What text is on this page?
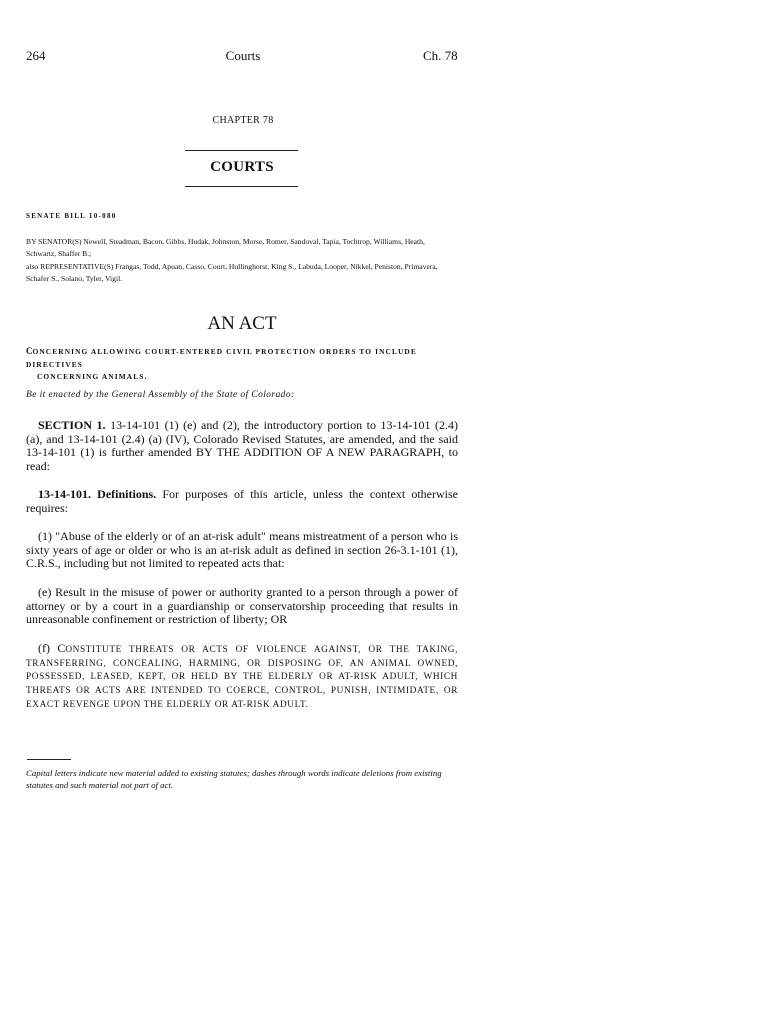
264	Courts	Ch. 78
CHAPTER 78
COURTS
SENATE BILL 10-080
BY SENATOR(S) Newell, Steadman, Bacon, Gibbs, Hudak, Johnston, Morse, Romer, Sandoval, Tapia, Tochtrop, Williams, Heath, Schwartz, Shaffer B.;
also REPRESENTATIVE(S) Frangas, Todd, Apuan, Casso, Court, Hullinghorst, King S., Labuda, Looper, Nikkel, Peniston, Primavera, Schafer S., Solano, Tyler, Vigil.
AN ACT
CONCERNING ALLOWING COURT-ENTERED CIVIL PROTECTION ORDERS TO INCLUDE DIRECTIVES
CONCERNING ANIMALS.
Be it enacted by the General Assembly of the State of Colorado:
SECTION 1. 13-14-101 (1) (e) and (2), the introductory portion to 13-14-101 (2.4) (a), and 13-14-101 (2.4) (a) (IV), Colorado Revised Statutes, are amended, and the said 13-14-101 (1) is further amended BY THE ADDITION OF A NEW PARAGRAPH, to read:
13-14-101. Definitions. For purposes of this article, unless the context otherwise requires:
(1) "Abuse of the elderly or of an at-risk adult" means mistreatment of a person who is sixty years of age or older or who is an at-risk adult as defined in section 26-3.1-101 (1), C.R.S., including but not limited to repeated acts that:
(e) Result in the misuse of power or authority granted to a person through a power of attorney or by a court in a guardianship or conservatorship proceeding that results in unreasonable confinement or restriction of liberty; OR
(f) CONSTITUTE THREATS OR ACTS OF VIOLENCE AGAINST, OR THE TAKING, TRANSFERRING, CONCEALING, HARMING, OR DISPOSING OF, AN ANIMAL OWNED, POSSESSED, LEASED, KEPT, OR HELD BY THE ELDERLY OR AT-RISK ADULT, WHICH THREATS OR ACTS ARE INTENDED TO COERCE, CONTROL, PUNISH, INTIMIDATE, OR EXACT REVENGE UPON THE ELDERLY OR AT-RISK ADULT.
Capital letters indicate new material added to existing statutes; dashes through words indicate deletions from existing statutes and such material not part of act.
